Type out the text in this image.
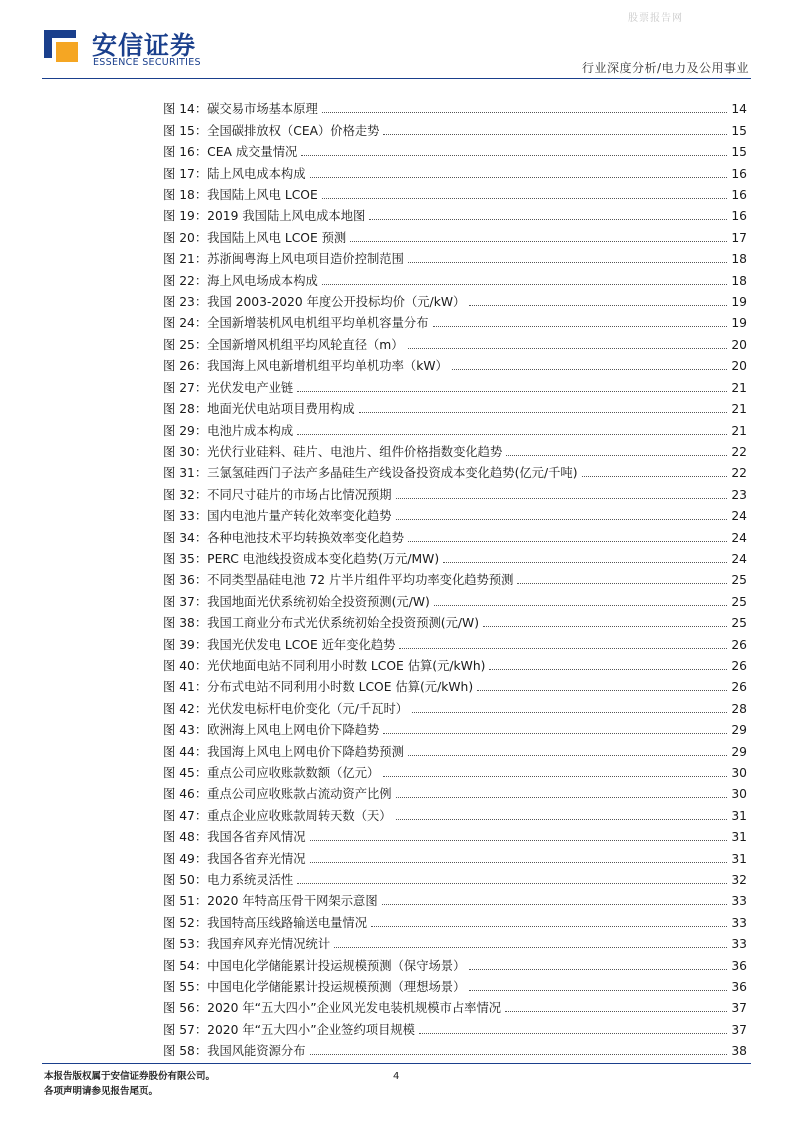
股票报告网
安信证券
ESSENCE SECURITIES	行业深度分析/电力及公用事业
图 14：碳交易市场基本原理	14
图 15：全国碳排放权（CEA）价格走势	15
图 16：CEA 成交量情况	15
图 17：陆上风电成本构成	16
图 18：我国陆上风电 LCOE	16
图 19：2019 我国陆上风电成本地图	16
图 20：我国陆上风电 LCOE 预测	17
图 21：苏浙闽粤海上风电项目造价控制范围	18
图 22：海上风电场成本构成	18
图 23：我国 2003-2020 年度公开投标均价（元/kW）	19
图 24：全国新增装机风电机组平均单机容量分布	19
图 25：全国新增风机组平均风轮直径（m）	20
图 26：我国海上风电新增机组平均单机功率（kW）	20
图 27：光伏发电产业链	21
图 28：地面光伏电站项目费用构成	21
图 29：电池片成本构成	21
图 30：光伏行业硅料、硅片、电池片、组件价格指数变化趋势	22
图 31：三氯氢硅西门子法产多晶硅生产线设备投资成本变化趋势(亿元/千吨)	22
图 32：不同尺寸硅片的市场占比情况预期	23
图 33：国内电池片量产转化效率变化趋势	24
图 34：各种电池技术平均转换效率变化趋势	24
图 35：PERC 电池线投资成本变化趋势(万元/MW)	24
图 36：不同类型晶硅电池 72 片半片组件平均功率变化趋势预测	25
图 37：我国地面光伏系统初始全投资预测(元/W)	25
图 38：我国工商业分布式光伏系统初始全投资预测(元/W)	25
图 39：我国光伏发电 LCOE 近年变化趋势	26
图 40：光伏地面电站不同利用小时数 LCOE 估算(元/kWh)	26
图 41：分布式电站不同利用小时数 LCOE 估算(元/kWh)	26
图 42：光伏发电标杆电价变化（元/千瓦时）	28
图 43：欧洲海上风电上网电价下降趋势	29
图 44：我国海上风电上网电价下降趋势预测	29
图 45：重点公司应收账款数额（亿元）	30
图 46：重点公司应收账款占流动资产比例	30
图 47：重点企业应收账款周转天数（天）	31
图 48：我国各省弃风情况	31
图 49：我国各省弃光情况	31
图 50：电力系统灵活性	32
图 51：2020 年特高压骨干网架示意图	33
图 52：我国特高压线路输送电量情况	33
图 53：我国弃风弃光情况统计	33
图 54：中国电化学储能累计投运规模预测（保守场景）	36
图 55：中国电化学储能累计投运规模预测（理想场景）	36
图 56：2020 年“五大四小”企业风光发电装机规模市占率情况	37
图 57：2020 年“五大四小”企业签约项目规模	37
图 58：我国风能资源分布	38
本报告版权属于安信证券股份有限公司。
各项声明请参见报告尾页。
4
